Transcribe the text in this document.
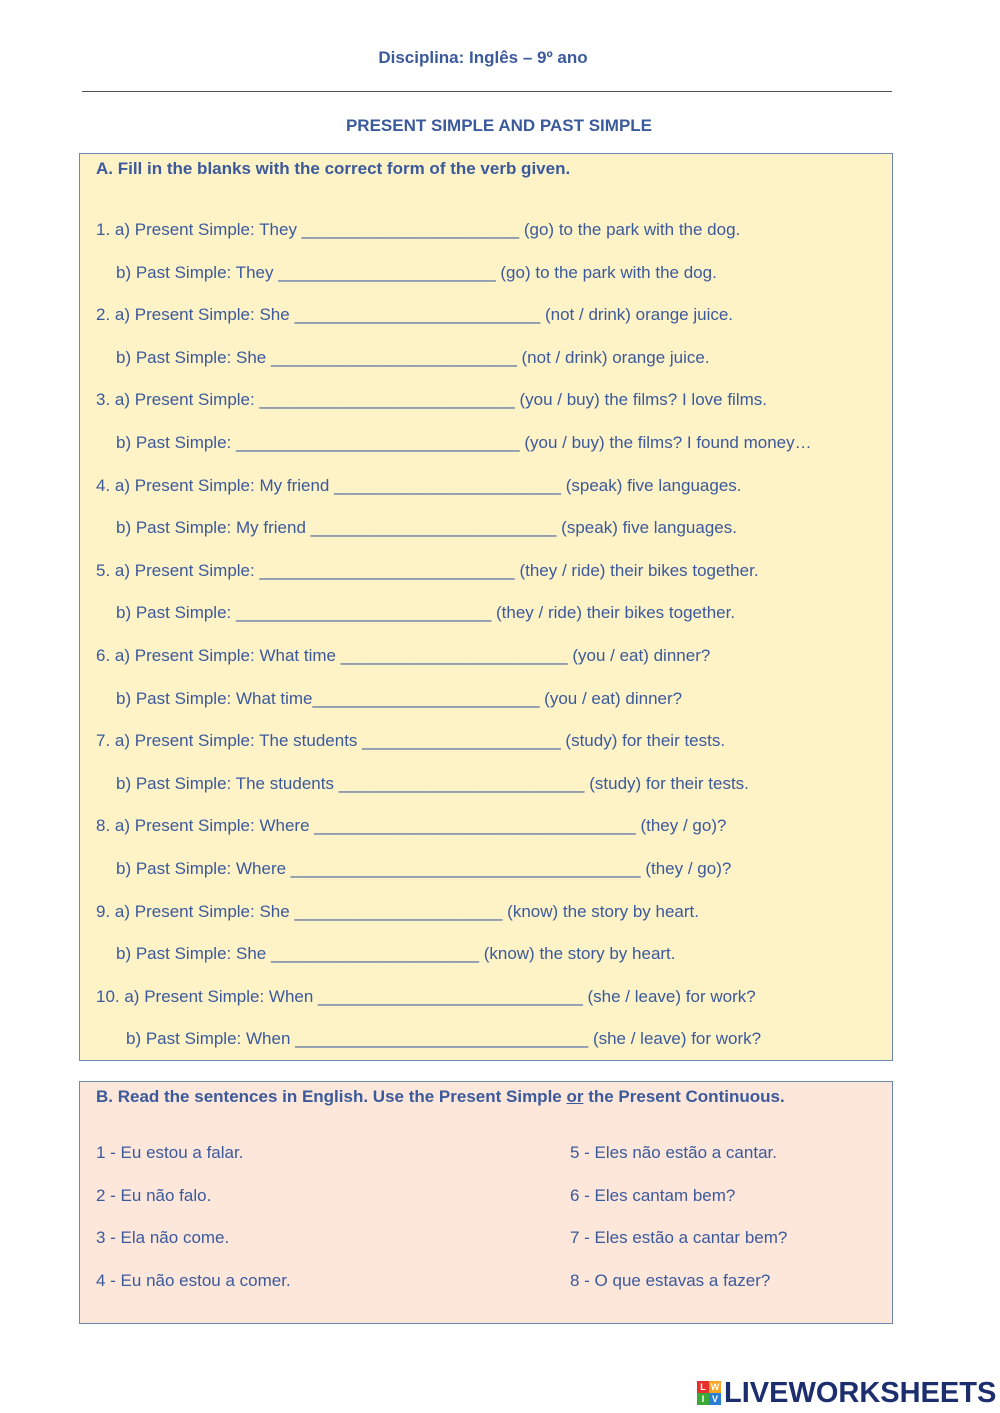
Disciplina: Inglês – 9º ano
PRESENT SIMPLE AND PAST SIMPLE
A. Fill in the blanks with the correct form of the verb given.
1. a) Present Simple: They _______________________ (go) to the park with the dog.
b) Past Simple: They _______________________ (go) to the park with the dog.
2. a) Present Simple: She __________________________ (not / drink) orange juice.
b) Past Simple: She __________________________ (not / drink) orange juice.
3. a) Present Simple: ___________________________ (you / buy) the films? I love films.
b) Past Simple: ______________________________ (you / buy) the films? I found money…
4. a) Present Simple: My friend ________________________ (speak) five languages.
b) Past Simple: My friend __________________________ (speak) five languages.
5. a) Present Simple: ___________________________ (they / ride) their bikes together.
b) Past Simple: ___________________________ (they / ride) their bikes together.
6. a) Present Simple: What time ________________________ (you / eat) dinner?
b) Past Simple: What time________________________ (you / eat) dinner?
7. a) Present Simple: The students _____________________ (study) for their tests.
b) Past Simple: The students __________________________ (study) for their tests.
8. a) Present Simple: Where __________________________________ (they / go)?
b) Past Simple: Where _____________________________________ (they / go)?
9. a) Present Simple: She ______________________ (know) the story by heart.
b) Past Simple: She ______________________ (know) the story by heart.
10. a) Present Simple: When ____________________________ (she / leave) for work?
b) Past Simple: When _______________________________ (she / leave) for work?
B. Read the sentences in English. Use the Present Simple or the Present Continuous.
1 - Eu estou a falar.
2 - Eu não falo.
3 - Ela não come.
4 - Eu não estou a comer.
5 - Eles não estão a cantar.
6 - Eles cantam bem?
7 - Eles estão a cantar bem?
8 - O que estavas a fazer?
L W
I V LIVEWORKSHEETS
